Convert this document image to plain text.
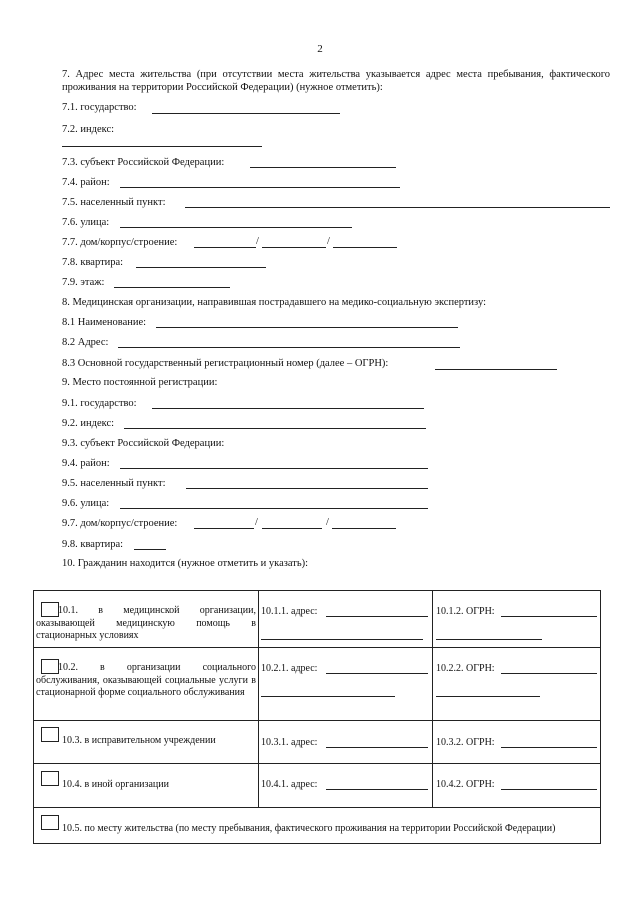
2
7. Адрес места жительства (при отсутствии места жительства указывается адрес места пребывания, фактического проживания на территории Российской Федерации) (нужное отметить):
7.1. государство:
7.2. индекс:
7.3. субъект Российской Федерации:
7.4. район:
7.5. населенный пункт:
7.6. улица:
7.7. дом/корпус/строение:	/	/
7.8. квартира:
7.9. этаж:
8. Медицинская организации, направившая пострадавшего на медико-социальную экспертизу:
8.1 Наименование:
8.2 Адрес:
8.3 Основной государственный регистрационный номер (далее – ОГРН):
9. Место постоянной регистрации:
9.1. государство:
9.2. индекс:
9.3. субъект Российской Федерации:
9.4. район:
9.5. населенный пункт:
9.6. улица:
9.7. дом/корпус/строение:	/	/
9.8. квартира:
10. Гражданин находится (нужное отметить и указать):
10.1. в медицинской организации, оказывающей медицинскую помощь в стационарных условиях
10.1.1. адрес:	10.1.2. ОГРН:
10.2. в организации социального обслуживания, оказывающей социальные услуги в стационарной форме социального обслуживания
10.2.1. адрес:	10.2.2. ОГРН:
10.3. в исправительном учреждении	10.3.1. адрес:	10.3.2. ОГРН:
10.4. в иной организации	10.4.1. адрес:	10.4.2. ОГРН:
10.5. по месту жительства (по месту пребывания, фактического проживания на территории Российской Федерации)
